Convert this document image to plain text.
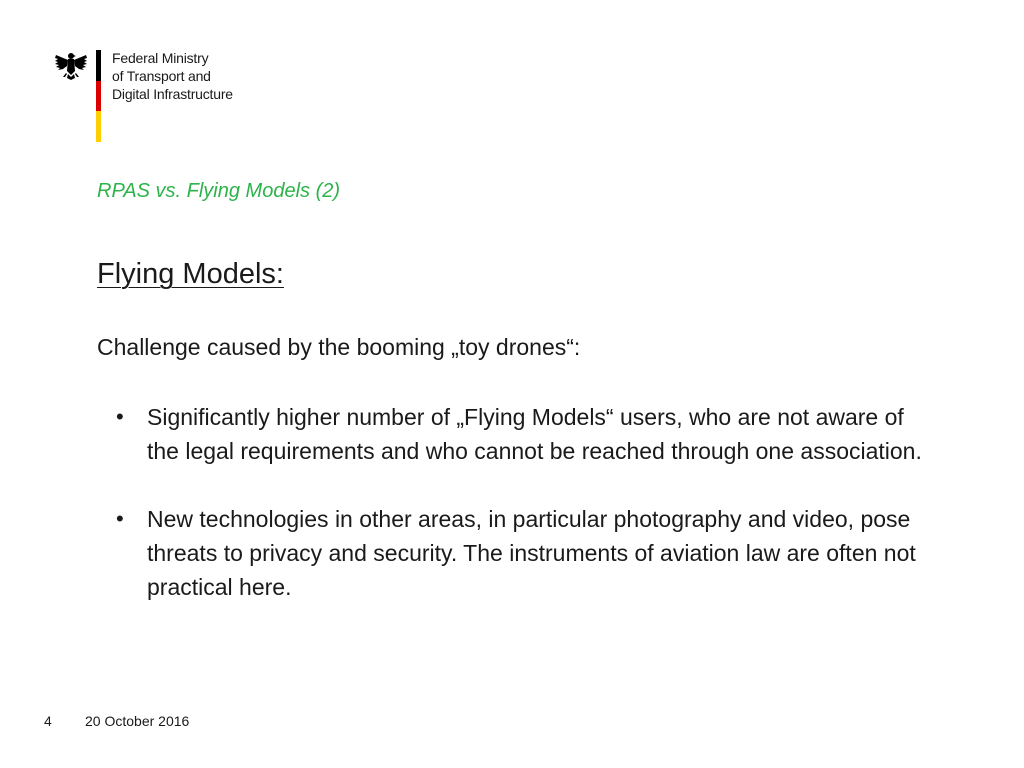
Federal Ministry
of Transport and
Digital Infrastructure
RPAS vs. Flying Models (2)
Flying Models:
Challenge caused by the booming „toy drones“:
• Significantly higher number of „Flying Models“ users, who are not aware of the legal requirements and who cannot be reached through one association.
• New technologies in other areas, in particular photography and video, pose threats to privacy and security. The instruments of aviation law are often not practical here.
4 20 October 2016
